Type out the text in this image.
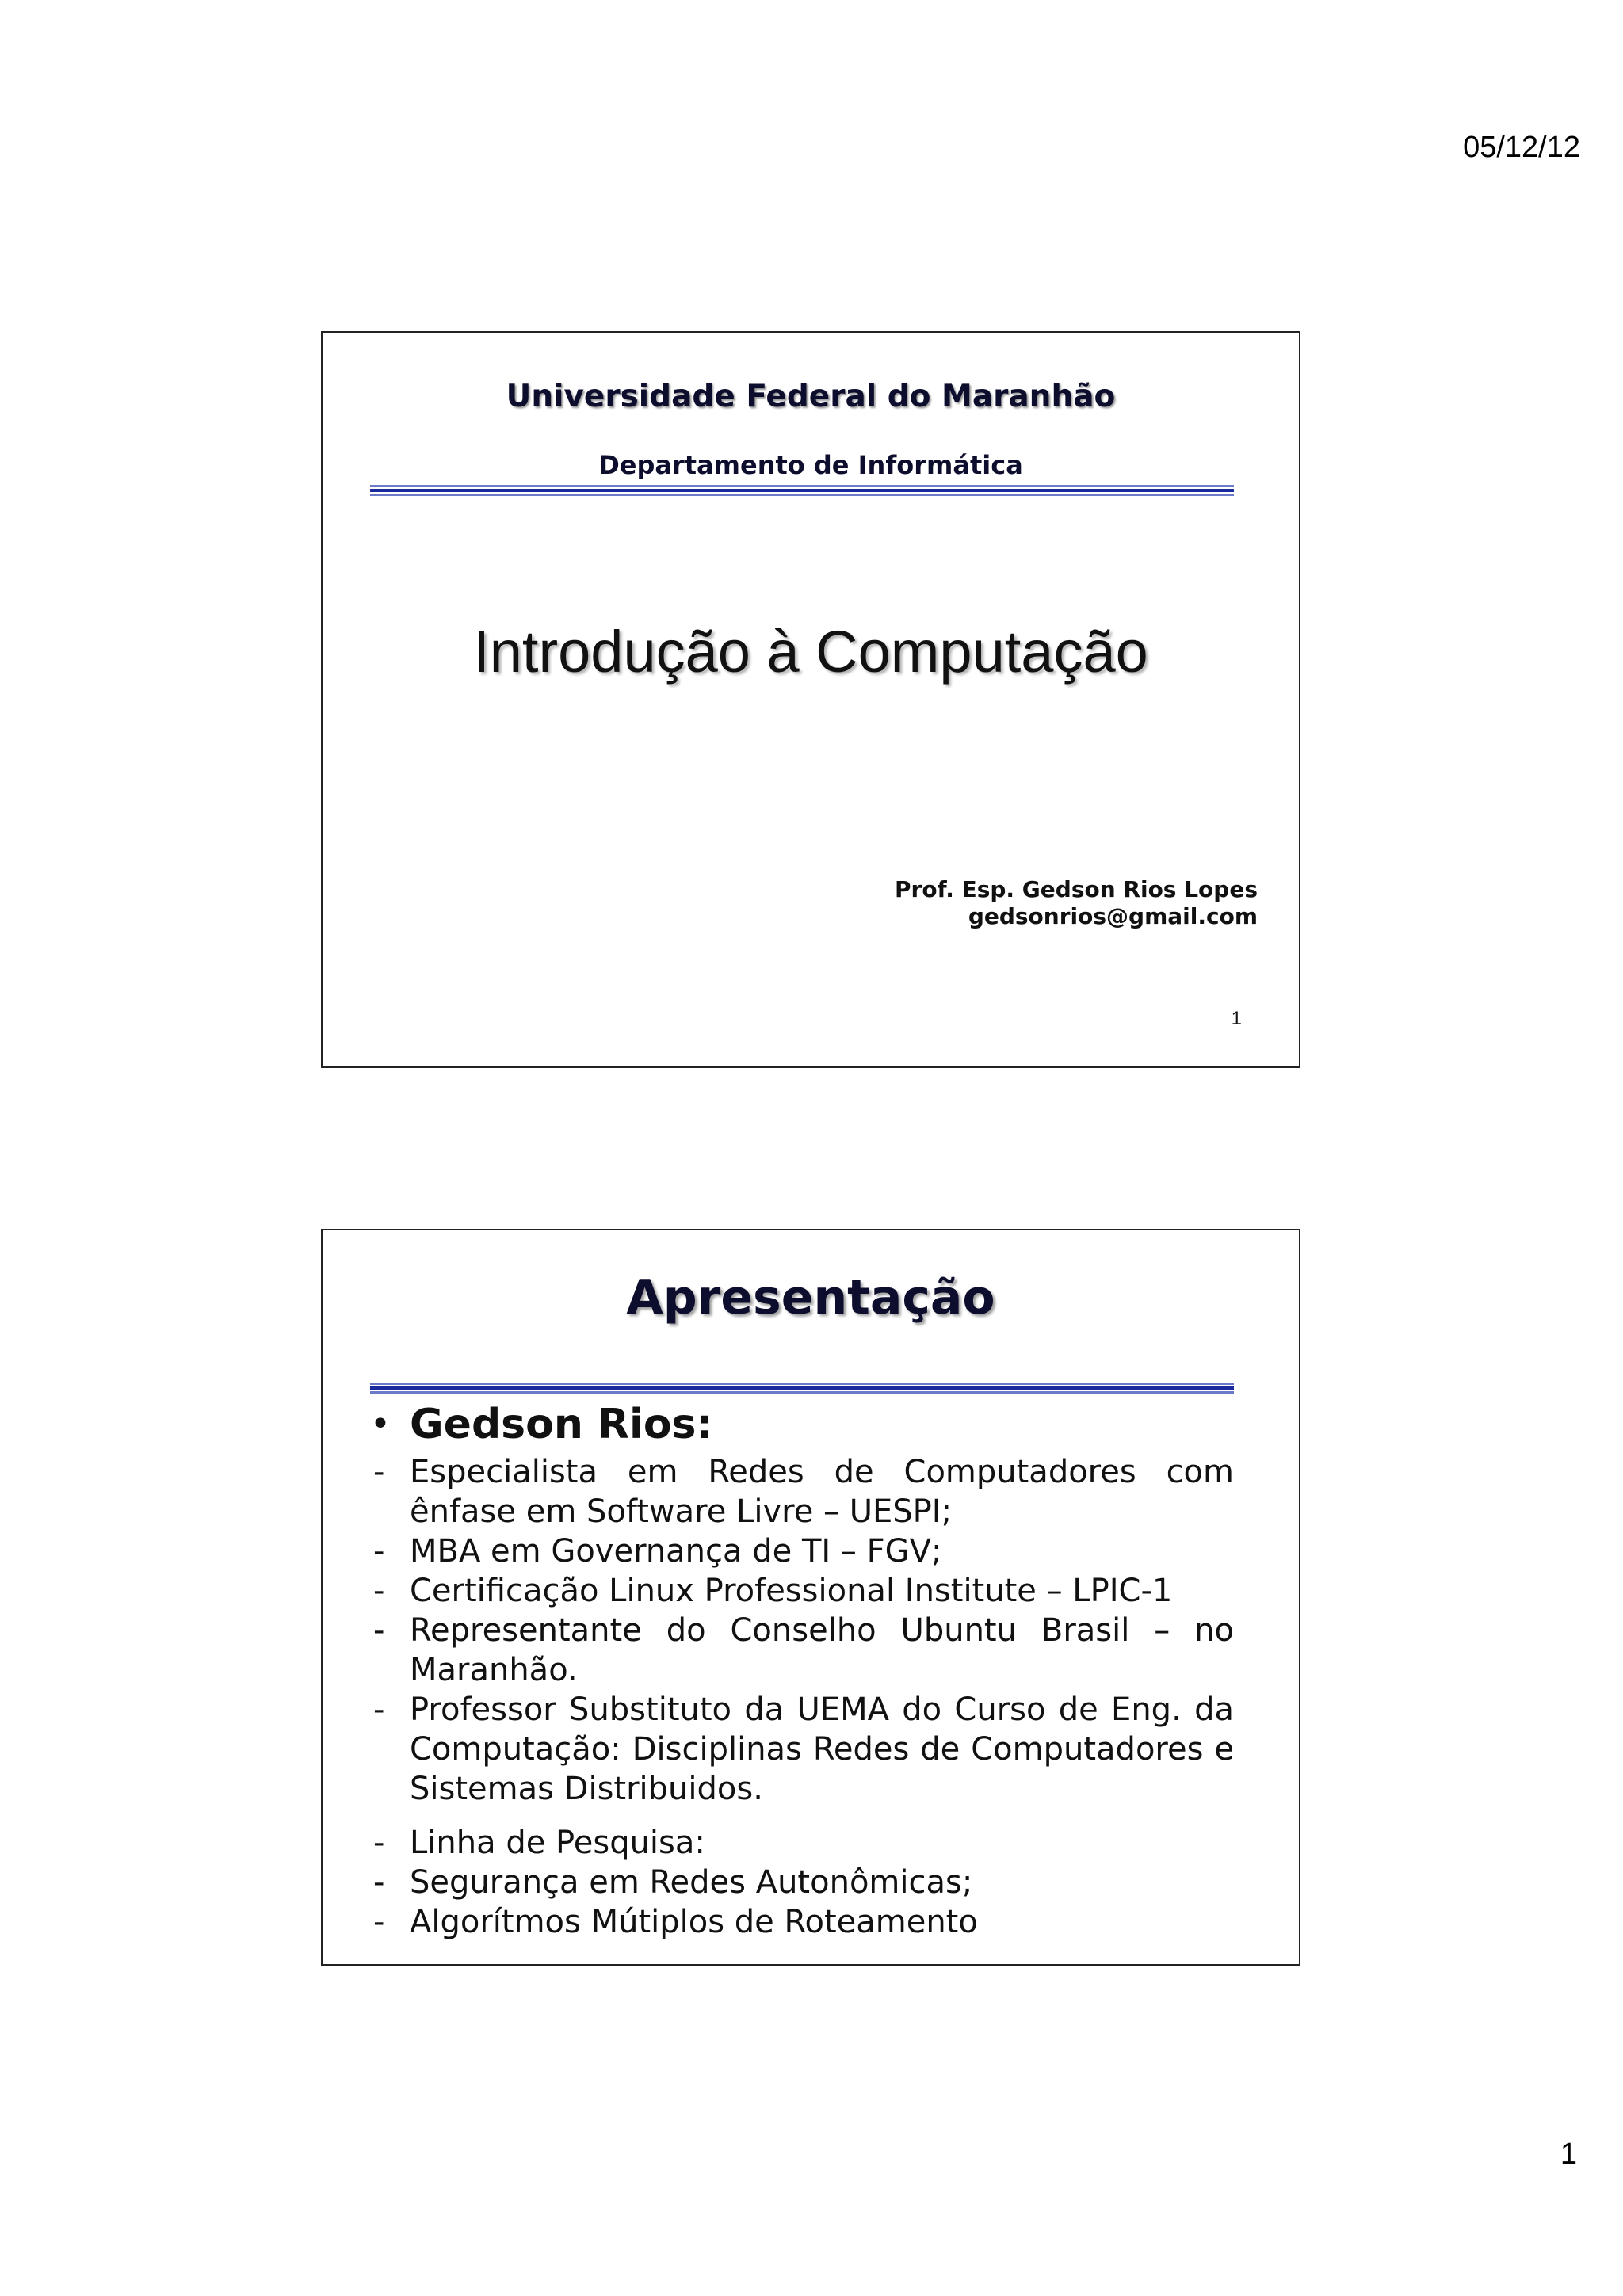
05/12/12
Universidade Federal do Maranhão
Departamento de Informática
Introdução à Computação
Prof. Esp. Gedson Rios Lopes
gedsonrios@gmail.com
1
Apresentação
• Gedson Rios:
- Especialista em Redes de Computadores com ênfase em Software Livre – UESPI;
- MBA em Governança de TI – FGV;
- Certificação Linux Professional Institute – LPIC-1
- Representante do Conselho Ubuntu Brasil – no Maranhão.
- Professor Substituto da UEMA do Curso de Eng. da Computação: Disciplinas Redes de Computadores e Sistemas Distribuidos.
- Linha de Pesquisa:
- Segurança em Redes Autonômicas;
- Algorítmos Mútiplos de Roteamento
1
